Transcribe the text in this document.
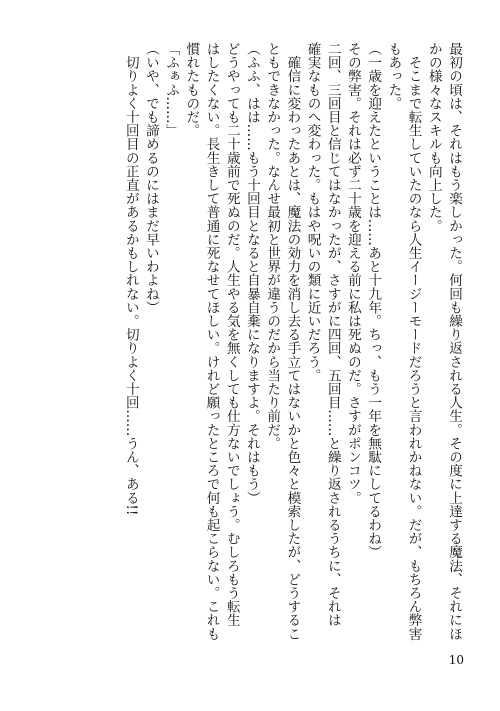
最初の頃は、それはもう楽しかった。何回も繰り返される人生。その度に上達する魔法、それにほ
かの様々なスキルも向上した。
　そこまで転生していたのなら人生イージーモードだろうと言われかねない。だが、もちろん弊害
もあった。
（一歳を迎えたということは……あと十九年。ちっ、もう一年を無駄にしてるわね）
その弊害。それは必ず二十歳を迎える前に私は死ぬのだ。さすがポンコツ。
二回、三回目と信じてはなかったが、さすがに四回、五回目……と繰り返されるうちに、それは
確実なものへ変わった。もはや呪いの類に近いだろう。
　確信に変わったあとは、魔法の効力を消し去る手立てはないかと色々と模索したが、どうするこ
ともできなかった。なんせ最初と世界が違うのだから当たり前だ。
（ふふ、はは……もう十回目となると自暴自棄になりますよ。それはもう）
どうやっても二十歳前で死ぬのだ。人生やる気を無くしても仕方ないでしょう。むしろもう転生
はしたくない。長生きして普通に死なせてほしい。けれど願ったところで何も起こらない。これも
慣れたものだ。
「ふぁふ……」
（いや、でも諦めるのにはまだ早いわよね）
　切りよく十回目の正直があるかもしれない。切りよく十回……うん、ある!!
10
